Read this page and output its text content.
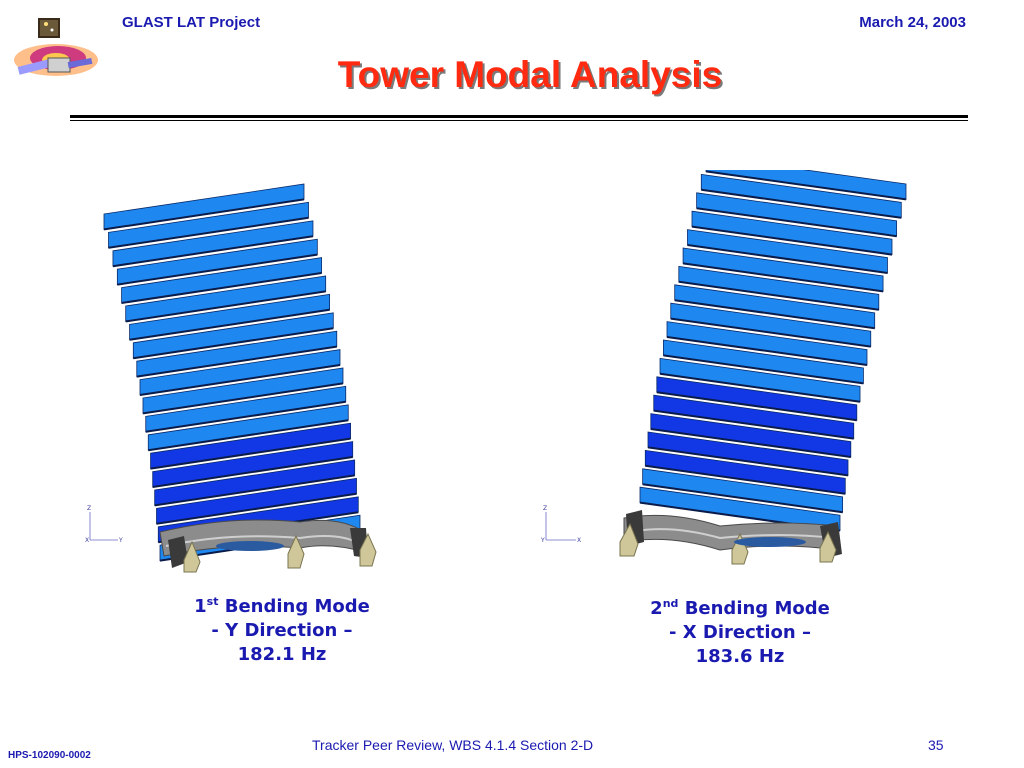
GLAST LAT Project	March 24, 2003
Tower Modal Analysis
Z
X	Y
Z
Y	X
1st Bending Mode
- Y Direction –
182.1 Hz
2nd Bending Mode
- X Direction –
183.6 Hz
HPS-102090-0002
Tracker Peer Review, WBS 4.1.4 Section 2-D	35
